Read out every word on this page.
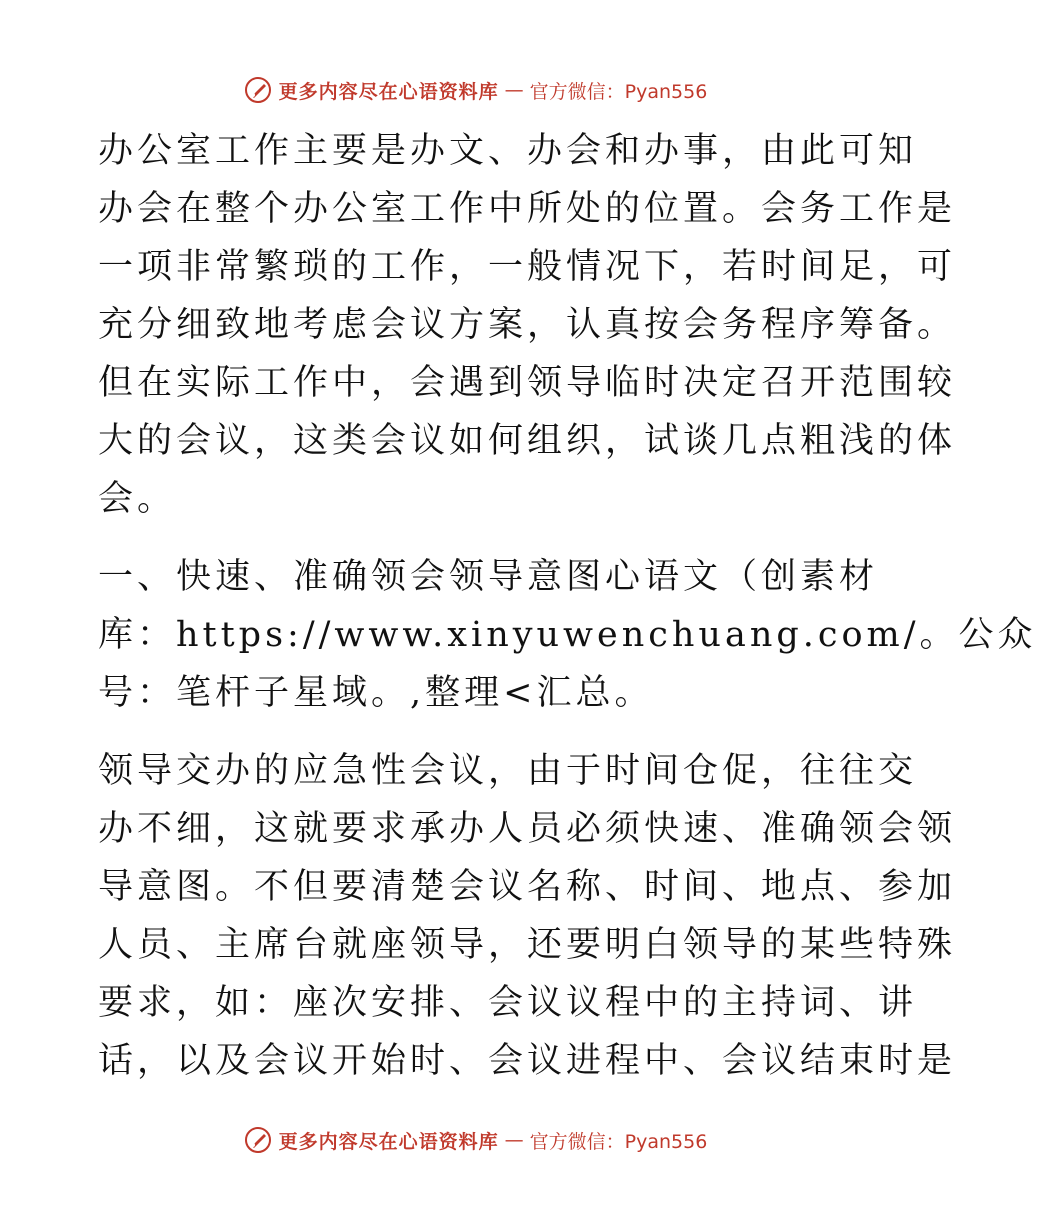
更多内容尽在心语资料库 — 官方微信：Pyan556
办公室工作主要是办文、办会和办事，由此可知
办会在整个办公室工作中所处的位置。会务工作是
一项非常繁琐的工作，一般情况下，若时间足，可
充分细致地考虑会议方案，认真按会务程序筹备。
但在实际工作中，会遇到领导临时决定召开范围较
大的会议，这类会议如何组织，试谈几点粗浅的体
会。
一、快速、准确领会领导意图心语文（创素材
库：https://www.xinyuwenchuang.com/。公众
号：笔杆子星域。,整理<汇总。
领导交办的应急性会议，由于时间仓促，往往交
办不细，这就要求承办人员必须快速、准确领会领
导意图。不但要清楚会议名称、时间、地点、参加
人员、主席台就座领导，还要明白领导的某些特殊
要求，如：座次安排、会议议程中的主持词、讲
话，以及会议开始时、会议进程中、会议结束时是
更多内容尽在心语资料库 — 官方微信：Pyan556
